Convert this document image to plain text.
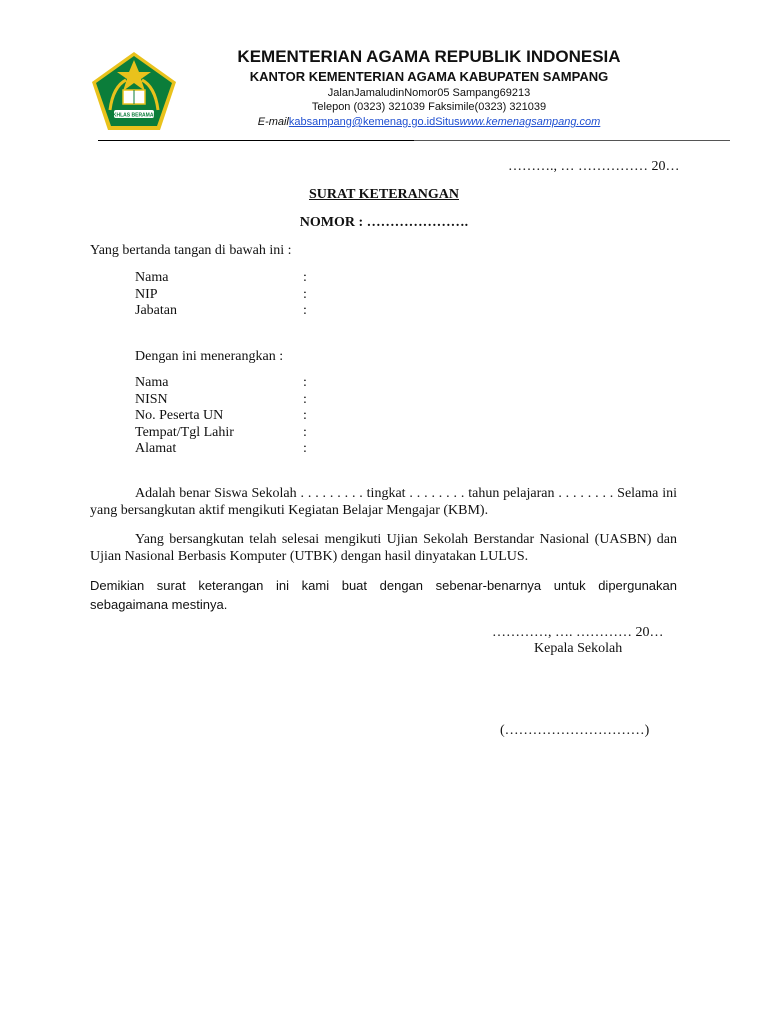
IKHLAS BERAMAL
KEMENTERIAN AGAMA REPUBLIK INDONESIA
KANTOR KEMENTERIAN AGAMA KABUPATEN SAMPANG
JalanJamaludinNomor05 Sampang69213
Telepon (0323) 321039 Faksimile(0323) 321039
E-mailkabsampang@kemenag.go.idSituswww.kemenagsampang.com
………., … …………… 20…
SURAT KETERANGAN
NOMOR : ………………….
Yang bertanda tangan di bawah ini :
Nama	:
NIP	:
Jabatan	:
Dengan ini menerangkan :
Nama	:
NISN	:
No. Peserta UN	:
Tempat/Tgl Lahir	:
Alamat	:
Adalah benar Siswa Sekolah . . . . . . . . . tingkat . . . . . . . . tahun pelajaran . . . . . . . . Selama ini yang bersangkutan aktif mengikuti Kegiatan Belajar Mengajar (KBM).
Yang bersangkutan telah selesai mengikuti Ujian Sekolah Berstandar Nasional (UASBN) dan Ujian Nasional Berbasis Komputer (UTBK) dengan hasil dinyatakan LULUS.
Demikian surat keterangan ini kami buat dengan sebenar-benarnya untuk dipergunakan sebagaimana mestinya.
…………, …. ………… 20…
Kepala Sekolah
(…………………………)
